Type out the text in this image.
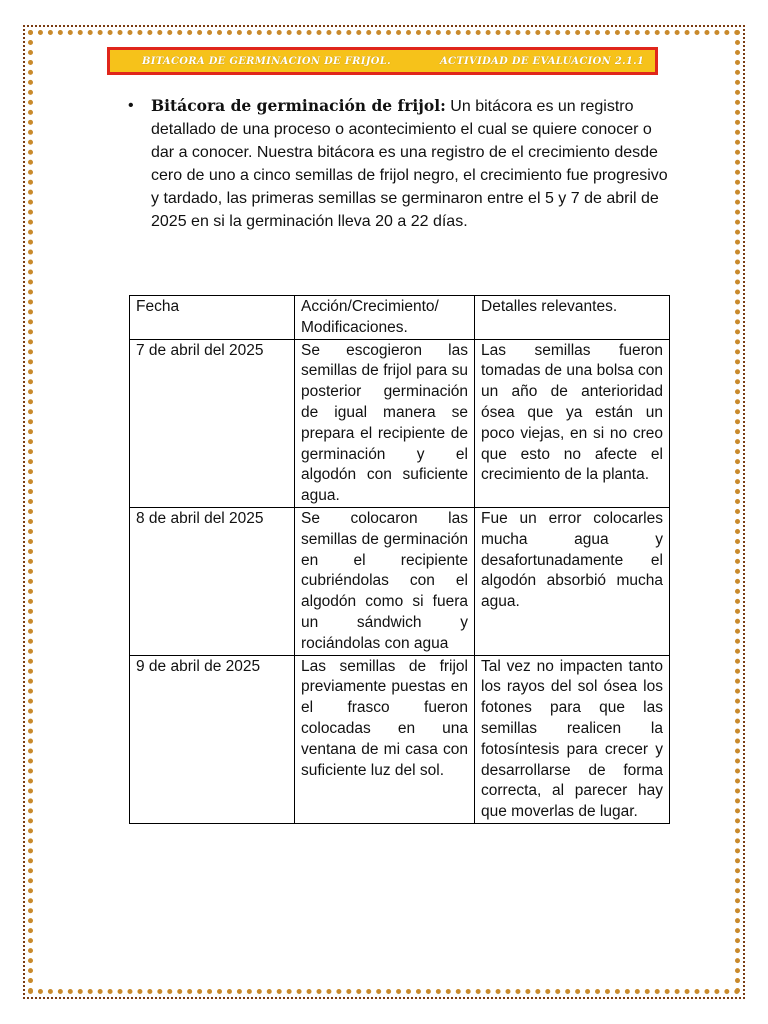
BITACORA DE GERMINACION DE FRIJOL.	ACTIVIDAD DE EVALUACION 2.1.1
•	Bitácora de germinación de frijol: Un bitácora es un registro detallado de una proceso o acontecimiento el cual se quiere conocer o dar a conocer. Nuestra bitácora es una registro de el crecimiento desde cero de uno a cinco semillas de frijol negro, el crecimiento fue progresivo y tardado, las primeras semillas se germinaron entre el 5 y 7 de abril de 2025 en si la germinación lleva 20 a 22 días.
Fecha	Acción/Crecimiento/ Modificaciones.	Detalles relevantes.
7 de abril del 2025	Se escogieron las semillas de frijol para su posterior germinación de igual manera se prepara el recipiente de germinación y el algodón con suficiente agua.	Las semillas fueron tomadas de una bolsa con un año de anterioridad ósea que ya están un poco viejas, en si no creo que esto no afecte el crecimiento de la planta.
8 de abril del 2025	Se colocaron las semillas de germinación en el recipiente cubriéndolas con el algodón como si fuera un sándwich y rociándolas con agua	Fue un error colocarles mucha agua y desafortunadamente el algodón absorbió mucha agua.
9 de abril de 2025	Las semillas de frijol previamente puestas en el frasco fueron colocadas en una ventana de mi casa con suficiente luz del sol.	Tal vez no impacten tanto los rayos del sol ósea los fotones para que las semillas realicen la fotosíntesis para crecer y desarrollarse de forma correcta, al parecer hay que moverlas de lugar.
